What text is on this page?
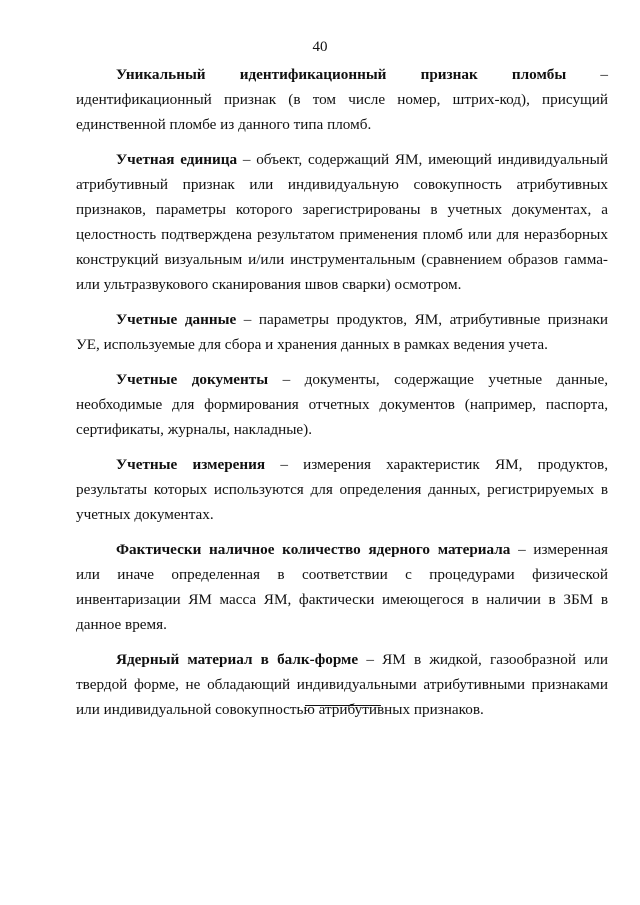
40

Уникальный идентификационный признак пломбы – идентификационный признак (в том числе номер, штрих-код), присущий единственной пломбе из данного типа пломб.

Учетная единица – объект, содержащий ЯМ, имеющий индивидуальный атрибутивный признак или индивидуальную совокупность атрибутивных признаков, параметры которого зарегистрированы в учетных документах, а целостность подтверждена результатом применения пломб или для неразборных конструкций визуальным и/или инструментальным (сравнением образов гамма- или ультразвукового сканирования швов сварки) осмотром.

Учетные данные – параметры продуктов, ЯМ, атрибутивные признаки УЕ, используемые для сбора и хранения данных в рамках ведения учета.

Учетные документы – документы, содержащие учетные данные, необходимые для формирования отчетных документов (например, паспорта, сертификаты, журналы, накладные).

Учетные измерения – измерения характеристик ЯМ, продуктов, результаты которых используются для определения данных, регистрируемых в учетных документах.

Фактически наличное количество ядерного материала – измеренная или иначе определенная в соответствии с процедурами физической инвентаризации ЯМ масса ЯМ, фактически имеющегося в наличии в ЗБМ в данное время.

Ядерный материал в балк-форме – ЯМ в жидкой, газообразной или твердой форме, не обладающий индивидуальными атрибутивными признаками или индивидуальной совокупностью атрибутивных признаков.
